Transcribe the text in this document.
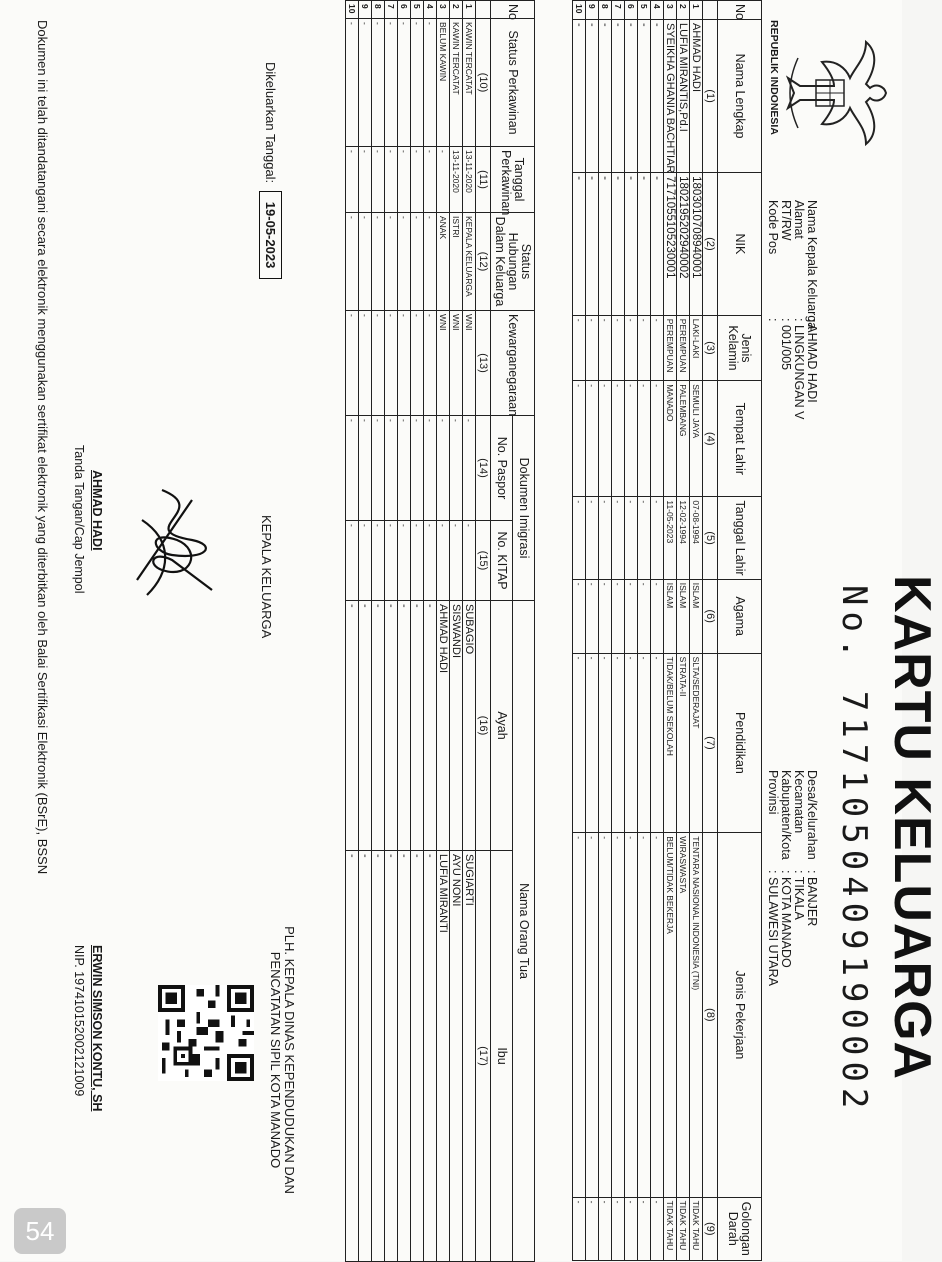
KARTU KELUARGA
No. 7171050409190002
REPUBLIK INDONESIA
Nama Kepala Keluarga: AHMAD HADI
Alamat: LINGKUNGAN V
RT/RW: 001/005
Kode Pos:
Desa/Kelurahan: BANJER
Kecamatan: TIKALA
Kabupaten/Kota: KOTA MANADO
Provinsi: SULAWESI UTARA
No	Nama Lengkap	NIK	Jenis Kelamin	Tempat Lahir	Tanggal Lahir	Agama	Pendidikan	Jenis Pekerjaan	Golongan Darah
	(1)	(2)	(3)	(4)	(5)	(6)	(7)	(8)	(9)
1	AHMAD HADI	1803010708940001	LAKI-LAKI	SEMULI JAYA	07-08-1994	ISLAM	SLTA/SEDERAJAT	TENTARA NASIONAL INDONESIA (TNI)	TIDAK TAHU
2	LUFIA MIRANTIS,Pd.I	1802195202940002	PEREMPUAN	PALEMBANG	12-02-1994	ISLAM	STRATA-II	WIRASWASTA	TIDAK TAHU
3	SYEIKHA GHANIA BACHTIAR	7171055105230001	PEREMPUAN	MANADO	11-05-2023	ISLAM	TIDAK/BELUM SEKOLAH	BELUM/TIDAK BEKERJA	TIDAK TAHU
4	-	-	-	-	-	-	-	-	-
5	-	-	-	-	-	-	-	-	-
6	-	-	-	-	-	-	-	-	-
7	-	-	-	-	-	-	-	-	-
8	-	-	-	-	-	-	-	-	-
9	-	-	-	-	-	-	-	-	-
10	-	-	-	-	-	-	-	-	-
No	Status Perkawinan	Tanggal Perkawinan	Status Hubungan Dalam Keluarga	Kewarganegaraan	Dokumen Imigrasi		Nama Orang Tua	
					No. Paspor	No. KITAP	Ayah	Ibu
	(10)	(11)	(12)	(13)	(14)	(15)	(16)	(17)
1	KAWIN TERCATAT	13-11-2020	KEPALA KELUARGA	WNI	-	-	SUBAGIO	SUGIARTI
2	KAWIN TERCATAT	13-11-2020	ISTRI	WNI	-	-	SISWANDI	AYU NONI
3	BELUM KAWIN	-	ANAK	WNI	-	-	AHMAD HADI	LUFIA MIRANTI
4	-	-	-	-	-	-	-	-
5	-	-	-	-	-	-	-	-
6	-	-	-	-	-	-	-	-
7	-	-	-	-	-	-	-	-
8	-	-	-	-	-	-	-	-
9	-	-	-	-	-	-	-	-
10	-	-	-	-	-	-	-	-
Dikeluarkan Tanggal: 19-05-2023
KEPALA KELUARGA
AHMAD HADI
Tanda Tangan/Cap Jempol
PLH. KEPALA DINAS KEPENDUDUKAN DAN
PENCATATAN SIPIL KOTA MANADO
ERWIN SIMSON KONTU, SH
NIP. 197410152002121009
Dokumen ini telah ditandatangani secara elektronik menggunakan sertifikat elektronik yang diterbitkan oleh Balai Sertifikasi Elektronik (BSrE), BSSN
54
